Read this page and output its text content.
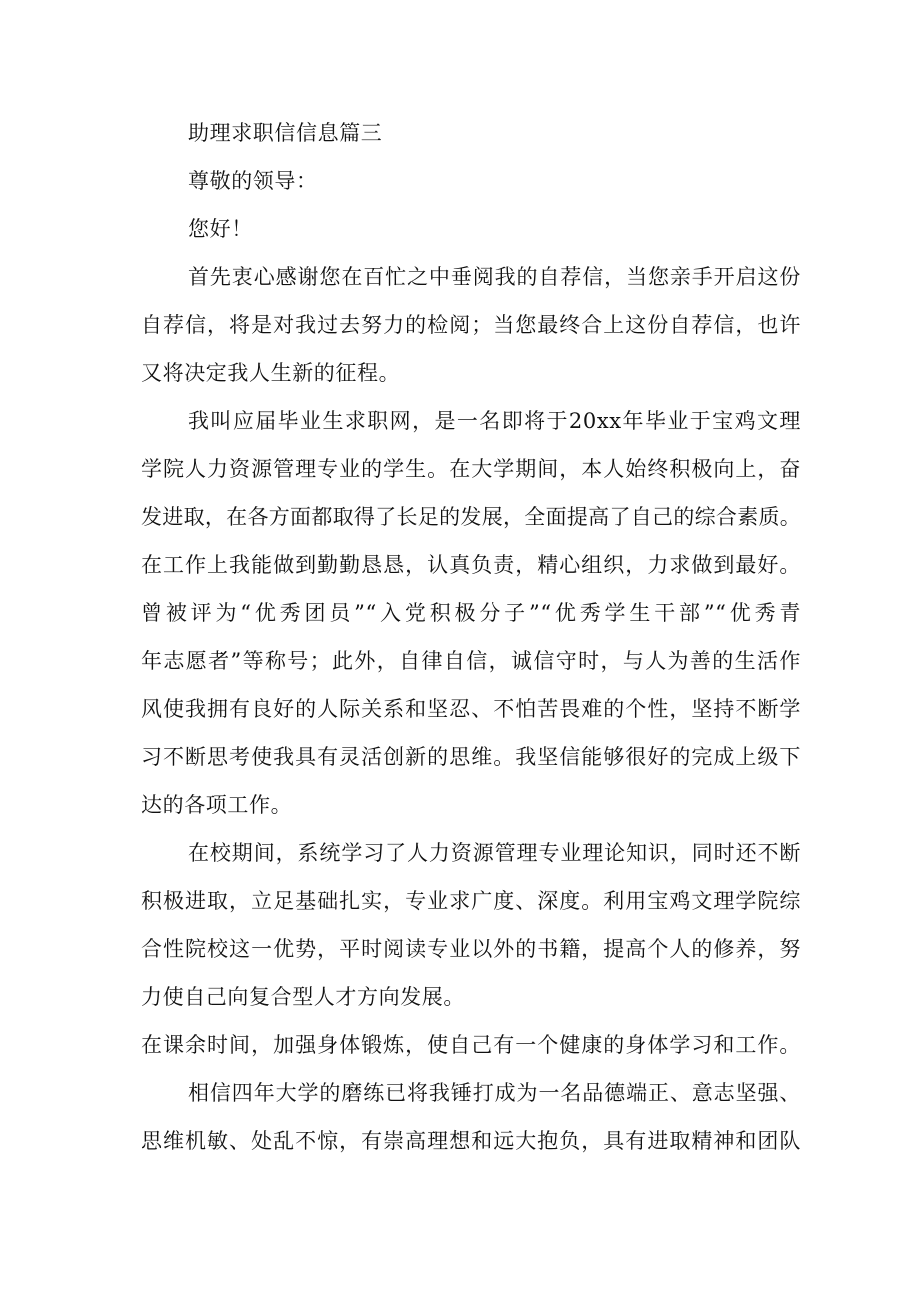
助理求职信信息篇三
尊敬的领导：
您好！
首先衷心感谢您在百忙之中垂阅我的自荐信，当您亲手开启这份
自荐信，将是对我过去努力的检阅；当您最终合上这份自荐信，也许
又将决定我人生新的征程。
我叫应届毕业生求职网，是一名即将于20xx年毕业于宝鸡文理
学院人力资源管理专业的学生。在大学期间，本人始终积极向上，奋
发进取，在各方面都取得了长足的发展，全面提高了自己的综合素质。
在工作上我能做到勤勤恳恳，认真负责，精心组织，力求做到最好。
曾被评为“优秀团员”“入党积极分子”“优秀学生干部”“优秀青
年志愿者”等称号；此外，自律自信，诚信守时，与人为善的生活作
风使我拥有良好的人际关系和坚忍、不怕苦畏难的个性，坚持不断学
习不断思考使我具有灵活创新的思维。我坚信能够很好的完成上级下
达的各项工作。
在校期间，系统学习了人力资源管理专业理论知识，同时还不断
积极进取，立足基础扎实，专业求广度、深度。利用宝鸡文理学院综
合性院校这一优势，平时阅读专业以外的书籍，提高个人的修养，努
力使自己向复合型人才方向发展。
在课余时间，加强身体锻炼，使自己有一个健康的身体学习和工作。
相信四年大学的磨练已将我锤打成为一名品德端正、意志坚强、
思维机敏、处乱不惊，有崇高理想和远大抱负，具有进取精神和团队
